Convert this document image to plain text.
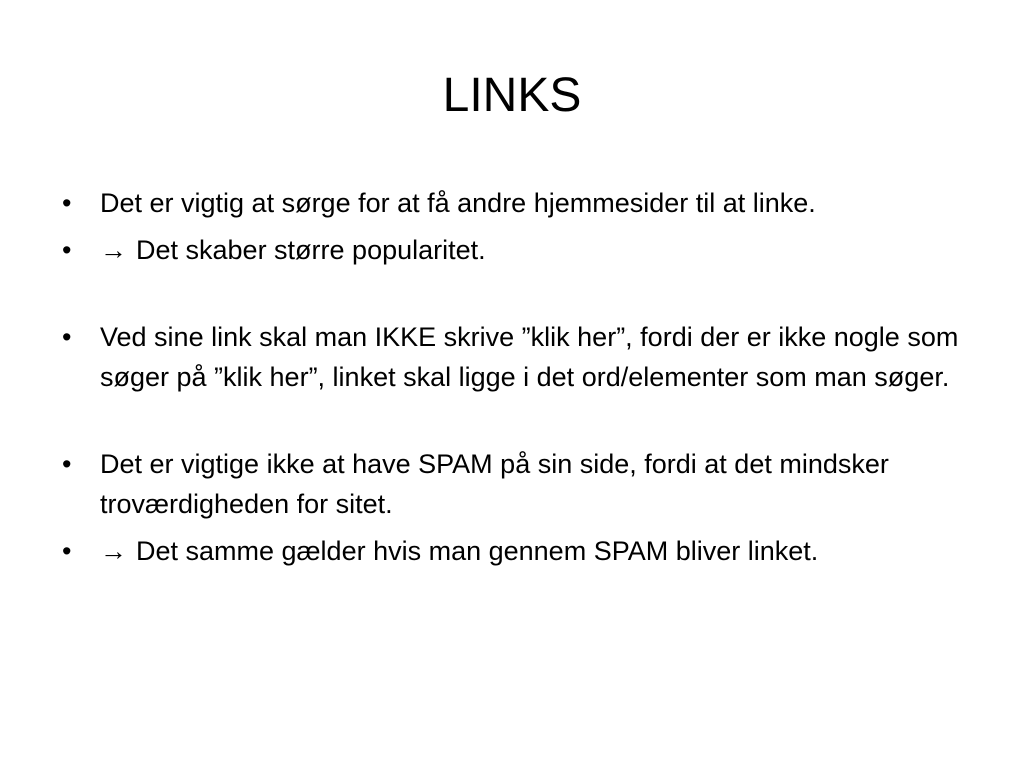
LINKS
•	Det er vigtig at sørge for at få andre hjemmesider til at linke.
•	→ Det skaber større popularitet.
•	Ved sine link skal man IKKE skrive ”klik her”, fordi der er ikke nogle som søger på ”klik her”, linket skal ligge i det ord/elementer som man søger.
•	Det er vigtige ikke at have SPAM på sin side, fordi at det mindsker troværdigheden for sitet.
•	→ Det samme gælder hvis man gennem SPAM bliver linket.
